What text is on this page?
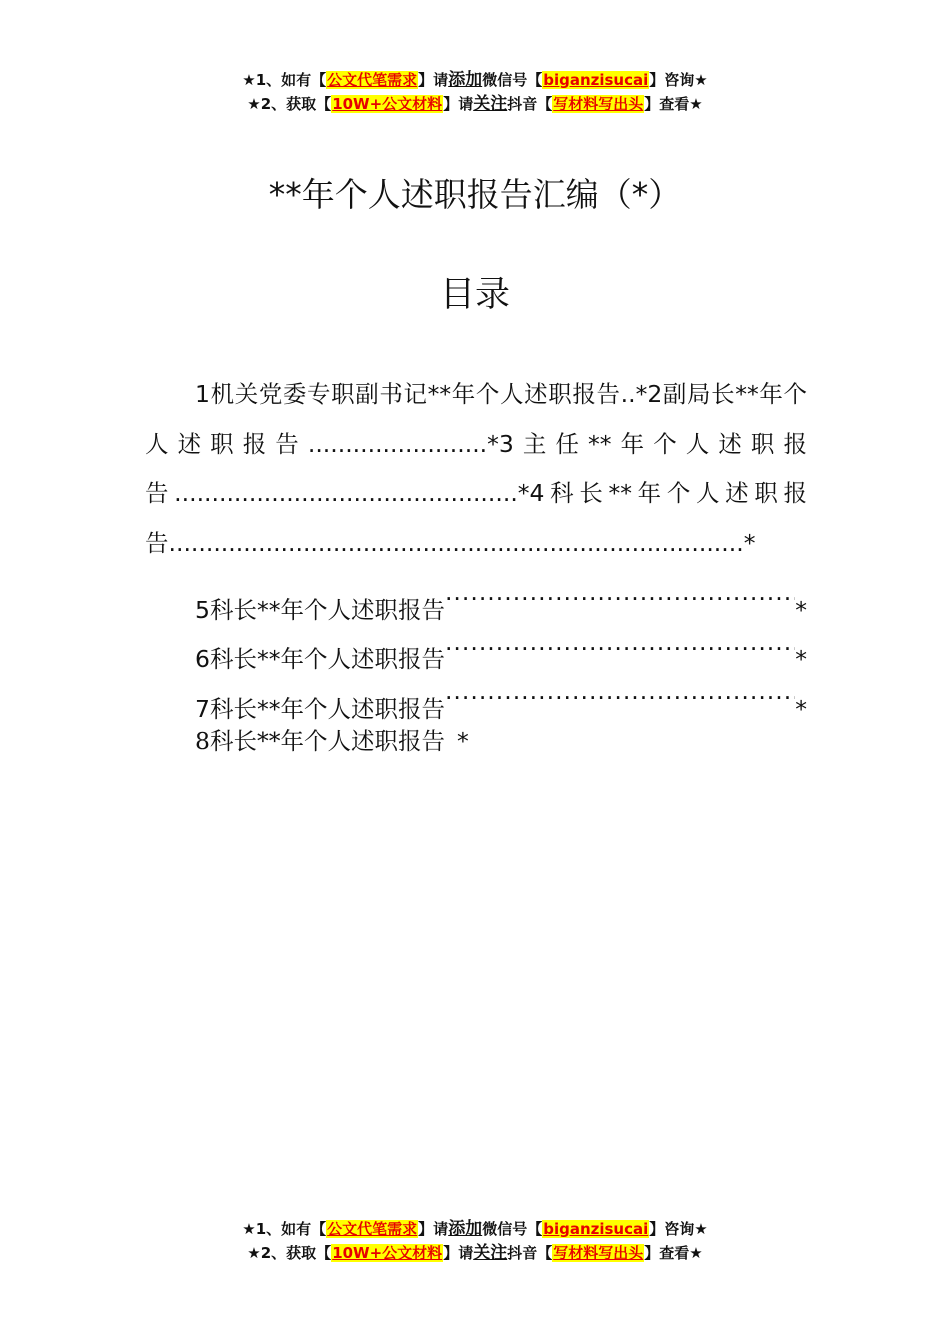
★1、如有【公文代笔需求】请添加微信号【biganzisucai】咨询★
★2、获取【10W+公文材料】请关注抖音【写材料写出头】查看★
**年个人述职报告汇编（*）
目录

1机关党委专职副书记**年个人述职报告..*2副局长**年个人述职报告........................*3主任**年个人述职报告..............................................*4科长**年个人述职报告.............................................................................*

5科长**年个人述职报告 .....	*
6科长**年个人述职报告 .....	*
7科长**年个人述职报告 .....	*
8科长**年个人述职报告 *
★1、如有【公文代笔需求】请添加微信号【biganzisucai】咨询★
★2、获取【10W+公文材料】请关注抖音【写材料写出头】查看★
